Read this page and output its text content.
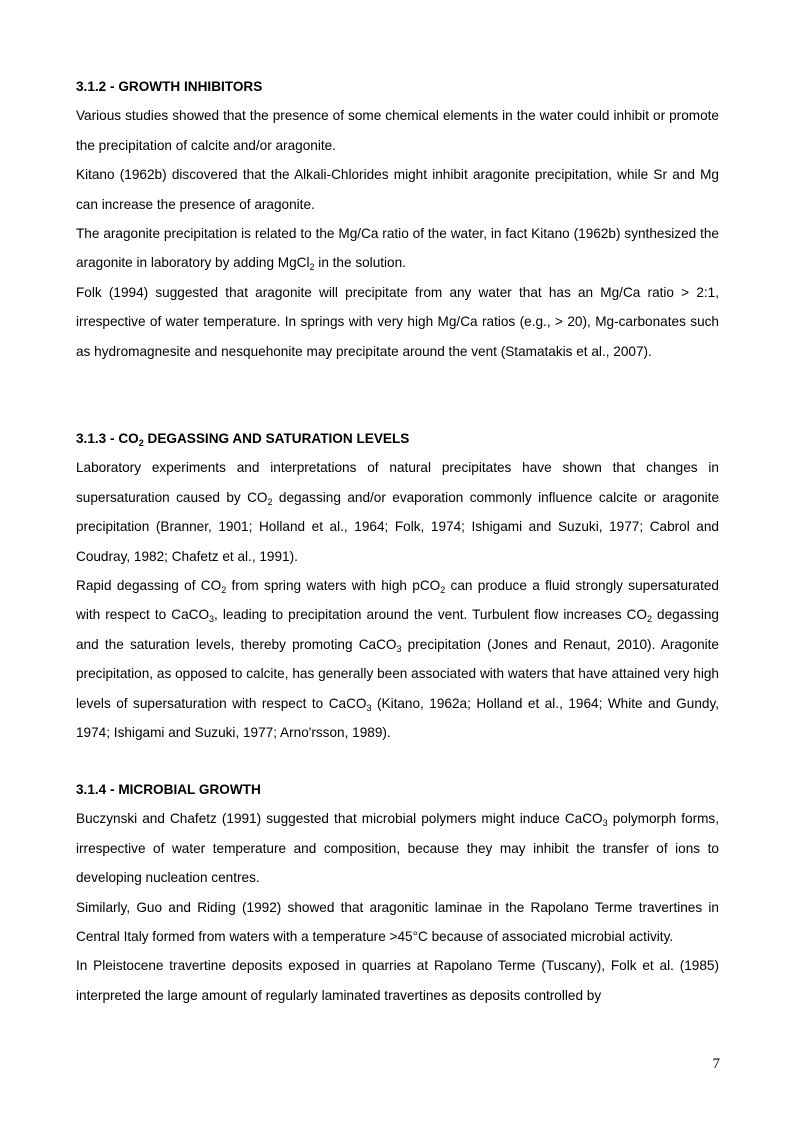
3.1.2 - GROWTH INHIBITORS

Various studies showed that the presence of some chemical elements in the water could inhibit or promote the precipitation of calcite and/or aragonite.

Kitano (1962b) discovered that the Alkali-Chlorides might inhibit aragonite precipitation, while Sr and Mg can increase the presence of aragonite.

The aragonite precipitation is related to the Mg/Ca ratio of the water, in fact Kitano (1962b) synthesized the aragonite in laboratory by adding MgCl$_2$ in the solution.

Folk (1994) suggested that aragonite will precipitate from any water that has an Mg/Ca ratio > 2:1, irrespective of water temperature. In springs with very high Mg/Ca ratios (e.g., > 20), Mg-carbonates such as hydromagnesite and nesquehonite may precipitate around the vent (Stamatakis et al., 2007).

$3.1.3 - CO_2$ DEGASSING AND SATURATION LEVELS

Laboratory experiments and interpretations of natural precipitates have shown that changes in supersaturation caused by $CO_2$ degassing and/or evaporation commonly influence calcite or aragonite precipitation (Branner, 1901; Holland et al., 1964; Folk, 1974; Ishigami and Suzuki, 1977; Cabrol and Coudray, 1982; Chafetz et al., 1991).

Rapid degassing of $CO_2$ from spring waters with high pCO$_2$ can produce a fluid strongly supersaturated with respect to CaCO$_3$, leading to precipitation around the vent. Turbulent flow increases $CO_2$ degassing and the saturation levels, thereby promoting CaCO$_3$ precipitation (Jones and Renaut, 2010). Aragonite precipitation, as opposed to calcite, has generally been associated with waters that have attained very high levels of supersaturation with respect to CaCO$_3$ (Kitano, 1962a; Holland et al., 1964; White and Gundy, 1974; Ishigami and Suzuki, 1977; Arno'rsson, 1989).

3.1.4 - MICROBIAL GROWTH

Buczynski and Chafetz (1991) suggested that microbial polymers might induce CaCO$_3$ polymorph forms, irrespective of water temperature and composition, because they may inhibit the transfer of ions to developing nucleation centres.

Similarly, Guo and Riding (1992) showed that aragonitic laminae in the Rapolano Terme travertines in Central Italy formed from waters with a temperature >45°C because of associated microbial activity.

In Pleistocene travertine deposits exposed in quarries at Rapolano Terme (Tuscany), Folk et al. (1985) interpreted the large amount of regularly laminated travertines as deposits controlled by

7
